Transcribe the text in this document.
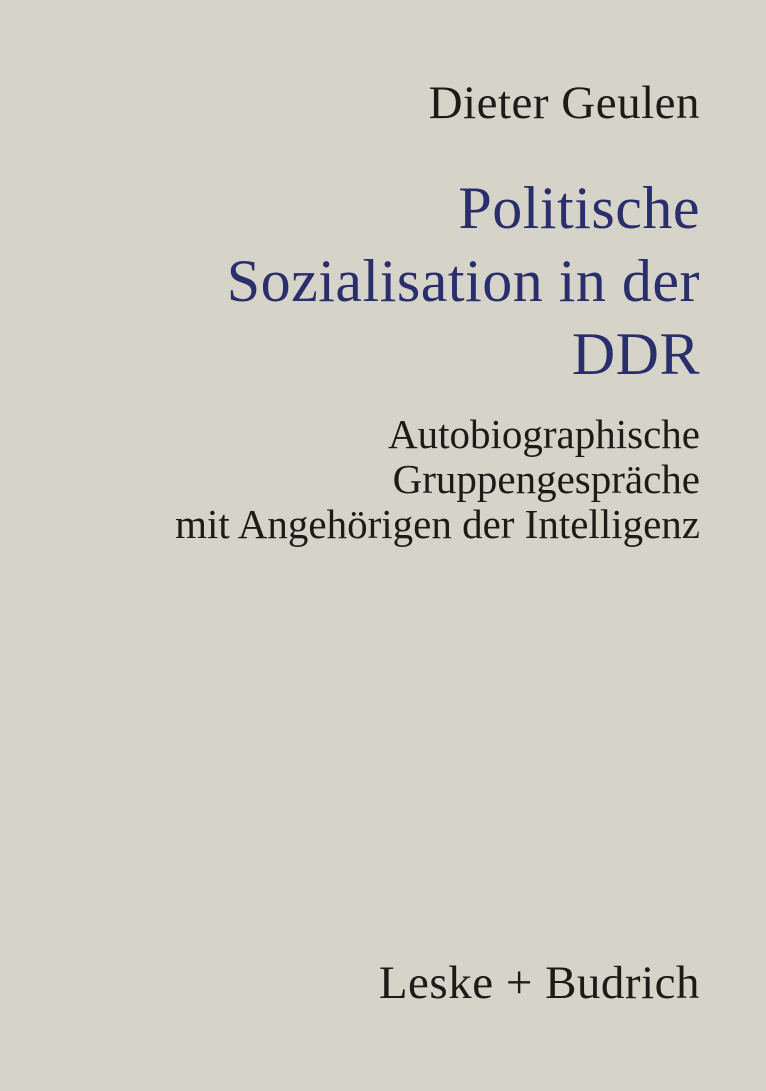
Dieter Geulen
Politische
Sozialisation in der
DDR
Autobiographische
Gruppengespräche
mit Angehörigen der Intelligenz
Leske + Budrich
